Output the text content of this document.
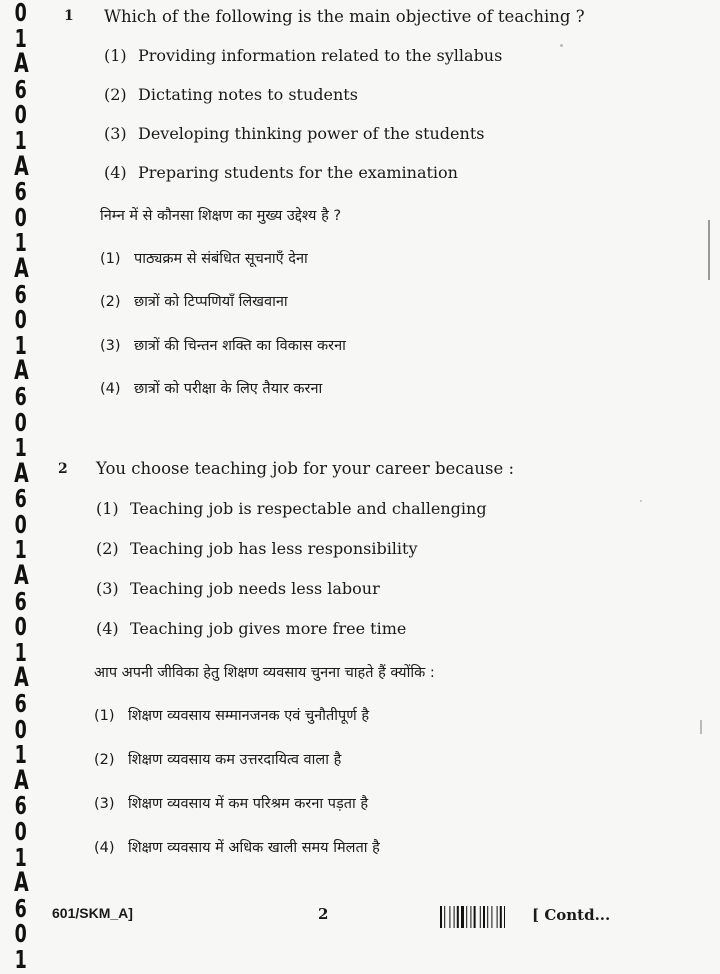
0
1
A
6
0
1
A
6
0
1
A
6
0
1
A
6
0
1
A
6
0
1
A
6
0
1
A
6
0
1
A
6
0
1
A
6
0
1
1 Which of the following is the main objective of teaching ?
(1) Providing information related to the syllabus
(2) Dictating notes to students
(3) Developing thinking power of the students
(4) Preparing students for the examination
निम्न में से कौनसा शिक्षण का मुख्य उद्देश्य है ?
(1) पाठ्यक्रम से संबंधित सूचनाएँ देना
(2) छात्रों को टिप्पणियाँ लिखवाना
(3) छात्रों की चिन्तन शक्ति का विकास करना
(4) छात्रों को परीक्षा के लिए तैयार करना
2 You choose teaching job for your career because :
(1) Teaching job is respectable and challenging
(2) Teaching job has less responsibility
(3) Teaching job needs less labour
(4) Teaching job gives more free time
आप अपनी जीविका हेतु शिक्षण व्यवसाय चुनना चाहते हैं क्योंकि :
(1) शिक्षण व्यवसाय सम्मानजनक एवं चुनौतीपूर्ण है
(2) शिक्षण व्यवसाय कम उत्तरदायित्व वाला है
(3) शिक्षण व्यवसाय में कम परिश्रम करना पड़ता है
(4) शिक्षण व्यवसाय में अधिक खाली समय मिलता है
601/SKM_A]	2	[ Contd...
